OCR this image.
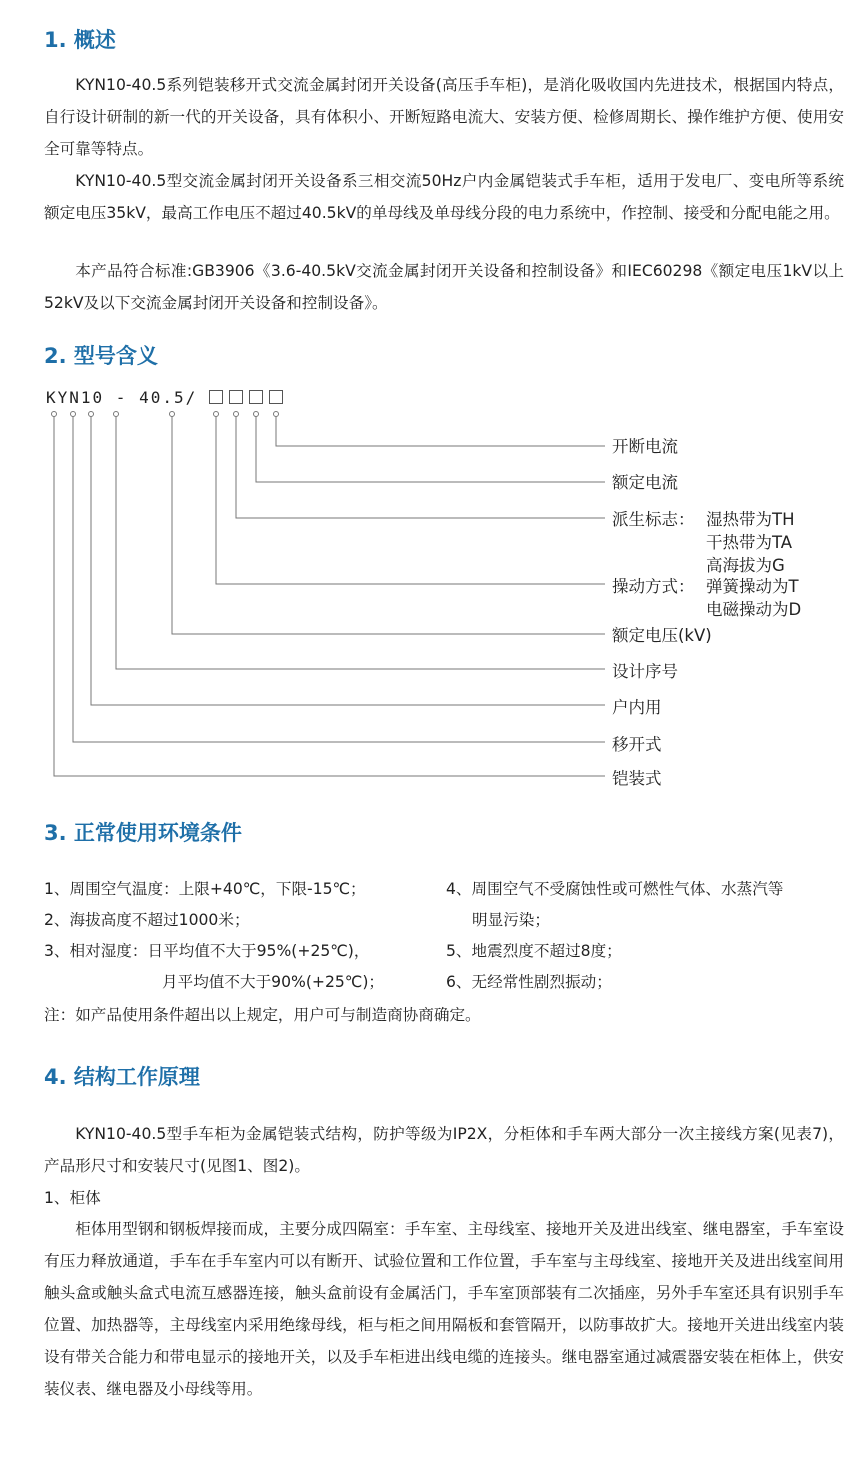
1. 概述

KYN10-40.5系列铠装移开式交流金属封闭开关设备(高压手车柜)，是消化吸收国内先进技术，根据国内特点，自行设计研制的新一代的开关设备，具有体积小、开断短路电流大、安装方便、检修周期长、操作维护方便、使用安全可靠等特点。

KYN10-40.5型交流金属封闭开关设备系三相交流50Hz户内金属铠装式手车柜，适用于发电厂、变电所等系统额定电压35kV，最高工作电压不超过40.5kV的单母线及单母线分段的电力系统中，作控制、接受和分配电能之用。

本产品符合标准:GB3906《3.6-40.5kV交流金属封闭开关设备和控制设备》和IEC60298《额定电压1kV以上52kV及以下交流金属封闭开关设备和控制设备》。

2. 型号含义
KYN10 - 40.5/
开断电流
额定电流
派生标志： 湿热带为TH
干热带为TA
高海拔为G
操动方式： 弹簧操动为T
电磁操动为D
额定电压(kV)
设计序号
户内用
移开式
铠装式
3. 正常使用环境条件
1、周围空气温度：上限+40℃，下限-15℃；
2、海拔高度不超过1000米；
3、相对湿度：日平均值不大于95%(+25℃)，
月平均值不大于90%(+25℃)；
4、周围空气不受腐蚀性或可燃性气体、水蒸汽等
明显污染；
5、地震烈度不超过8度；
6、无经常性剧烈振动；
注：如产品使用条件超出以上规定，用户可与制造商协商确定。
4. 结构工作原理

KYN10-40.5型手车柜为金属铠装式结构，防护等级为IP2X，分柜体和手车两大部分一次主接线方案(见表7)，产品形尺寸和安装尺寸(见图1、图2)。

1、柜体

柜体用型钢和钢板焊接而成，主要分成四隔室：手车室、主母线室、接地开关及进出线室、继电器室，手车室设有压力释放通道，手车在手车室内可以有断开、试验位置和工作位置，手车室与主母线室、接地开关及进出线室间用触头盒或触头盒式电流互感器连接，触头盒前设有金属活门，手车室顶部装有二次插座，另外手车室还具有识别手车位置、加热器等，主母线室内采用绝缘母线，柜与柜之间用隔板和套管隔开，以防事故扩大。接地开关进出线室内装设有带关合能力和带电显示的接地开关，以及手车柜进出线电缆的连接头。继电器室通过减震器安装在柜体上，供安装仪表、继电器及小母线等用。
